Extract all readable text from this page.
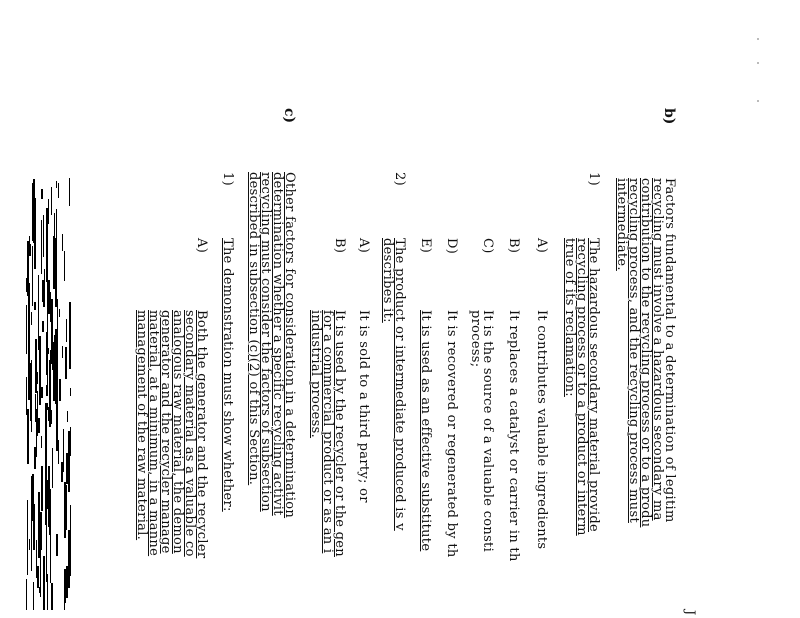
J
b)
Factors fundamental to a determination of legitim
recycling must involve a hazardous secondary ma
contribution to the recycling process or to a produ
recycling process, and the recycling process must
intermediate.
1)
The hazardous secondary material provide
recycling process or to a product or interm
true of its reclamation:
A)
It contributes valuable ingredients
B)
It replaces a catalyst or carrier in th
C)
It is the source of a valuable consti
process;
D)
It is recovered or regenerated by th
E)
It is used as an effective substitute
2)
The product or intermediate produced is v
describes it:
A)
It is sold to a third party; or
B)
It is used by the recycler or the gen
for a commercial product or as an i
industrial process.
c)
Other factors for consideration in a determination
determination whether a specific recycling activit
recycling must consider the factors of subsection
described in subsection (c)(2) of this Section.
1)
The demonstration must show whether:
A)
Both the generator and the recycler
secondary material as a valuable co
analogous raw material, the demon
generator and the recycler manage
material, at a minimum, in a manne
management of the raw material.
